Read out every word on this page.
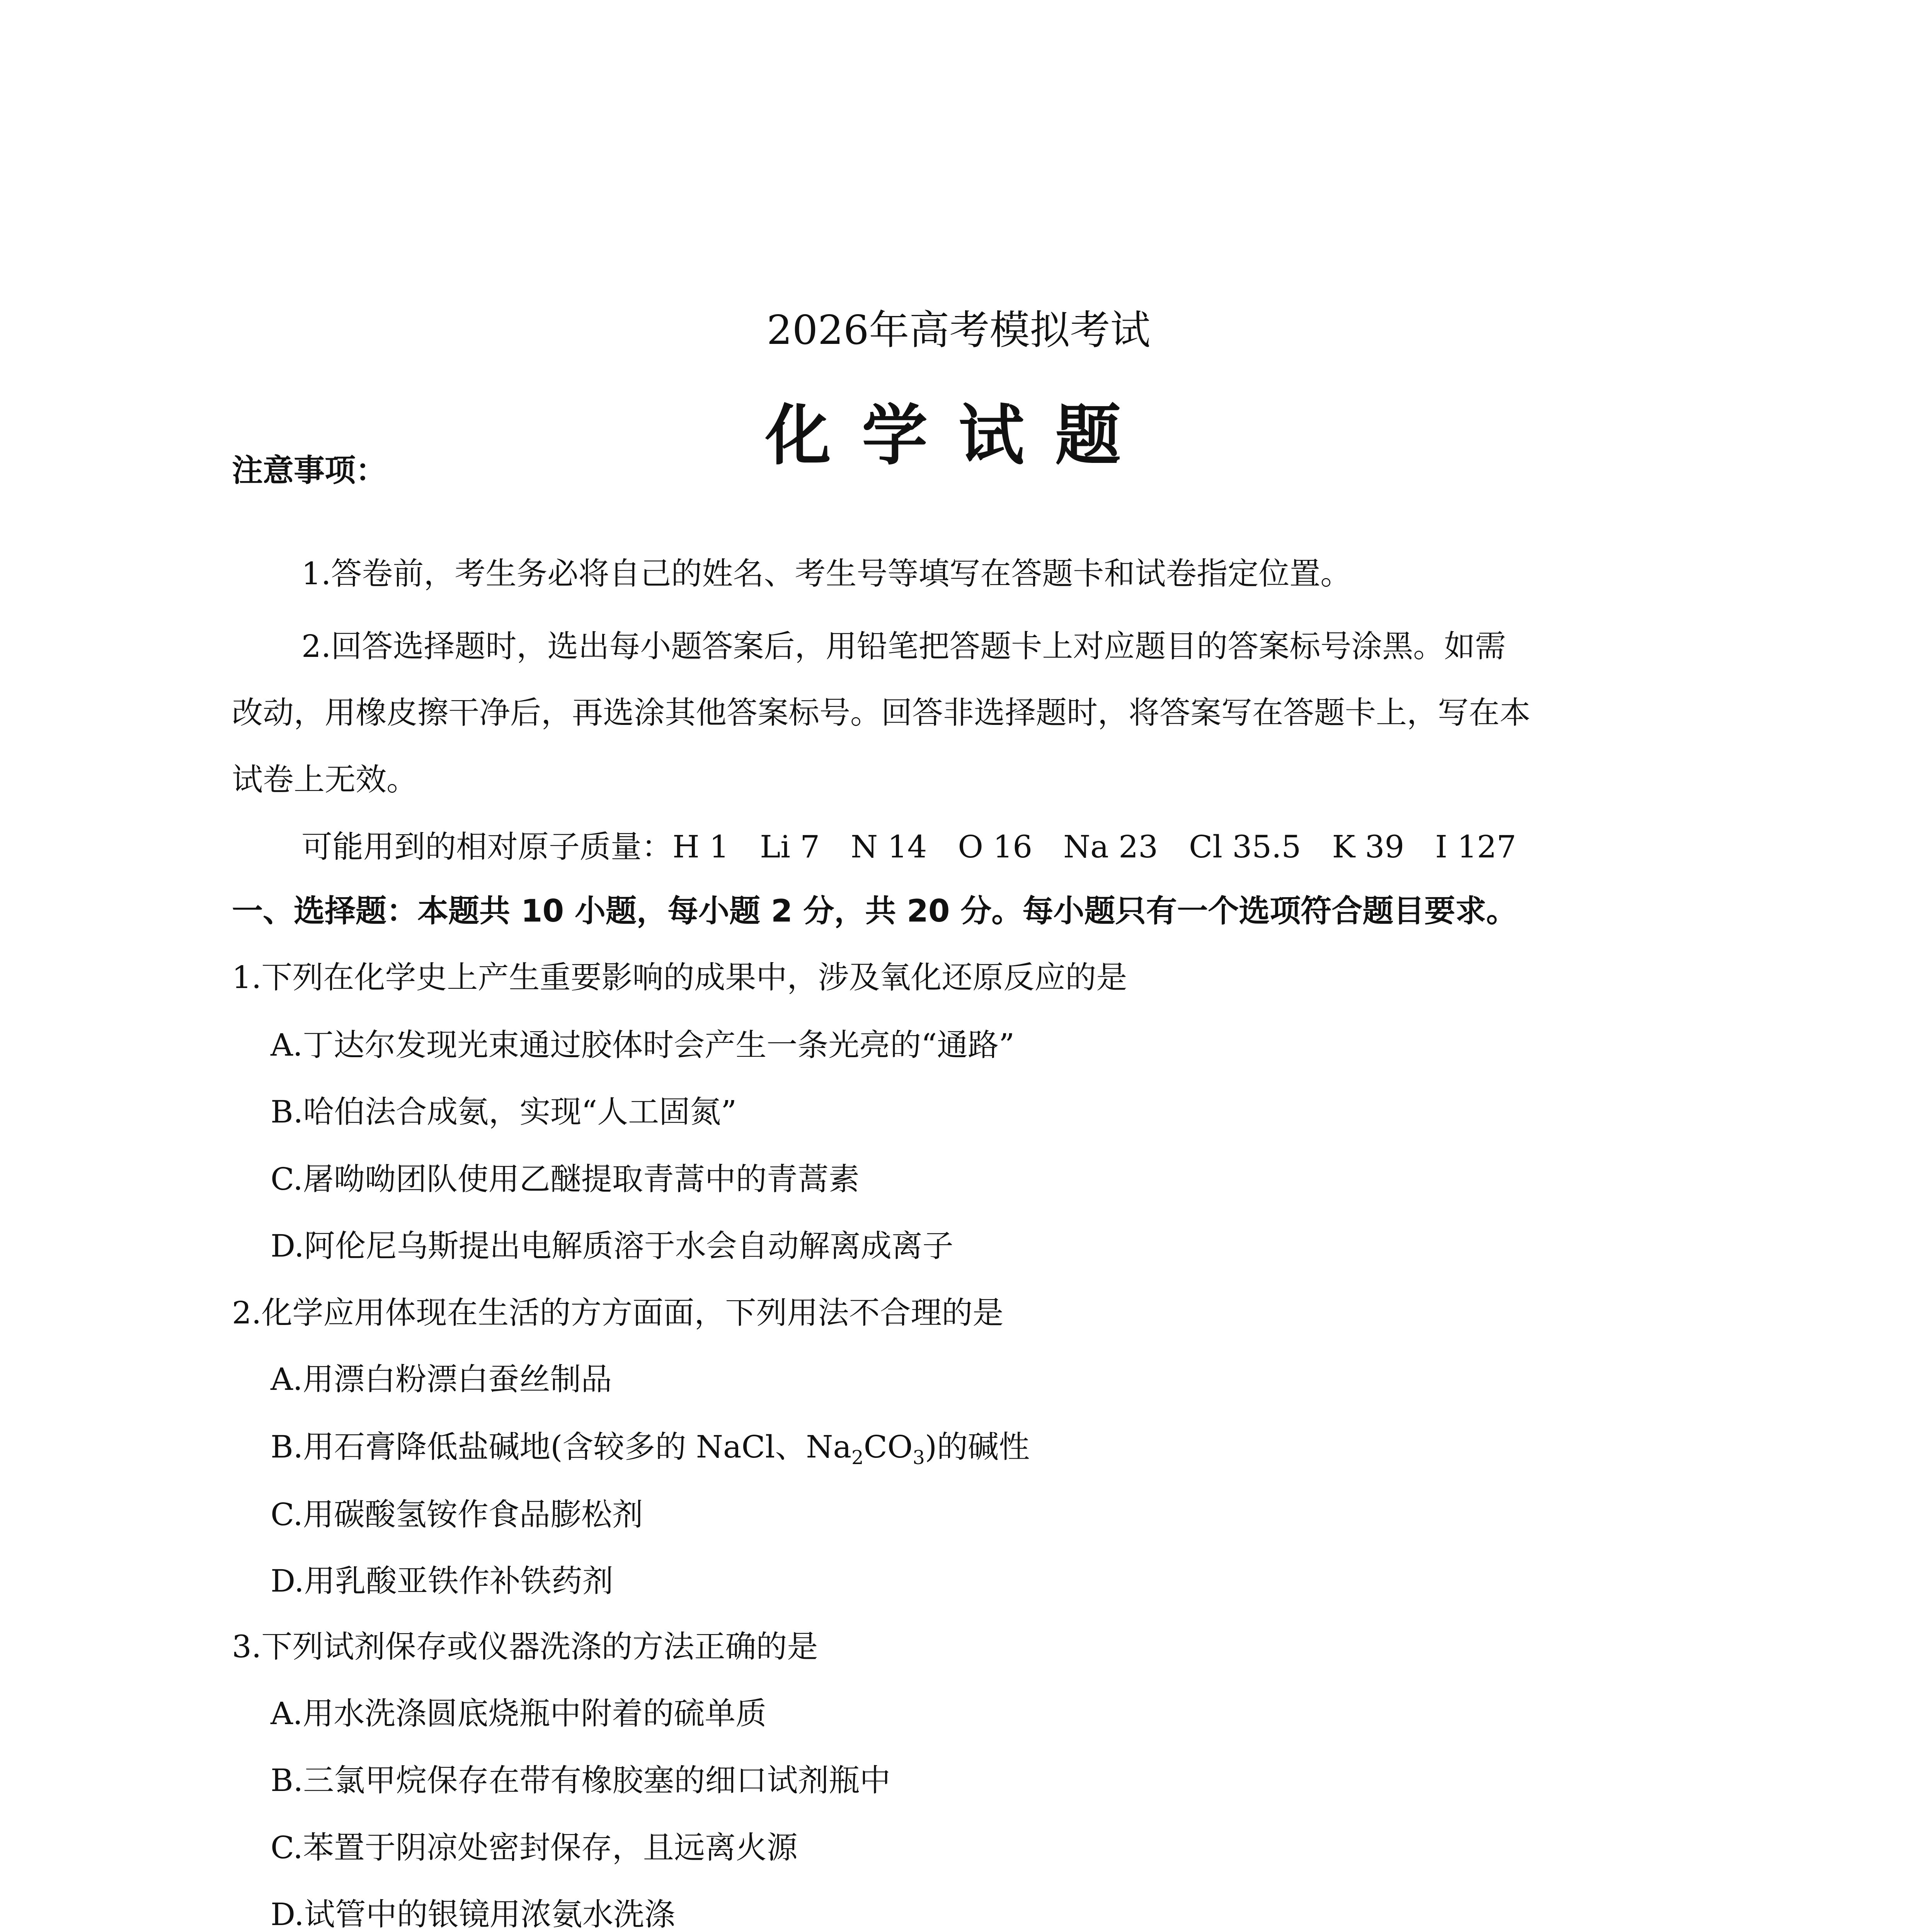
2026年高考模拟考试
化学试题
注意事项：
1.答卷前，考生务必将自己的姓名、考生号等填写在答题卡和试卷指定位置。
2.回答选择题时，选出每小题答案后，用铅笔把答题卡上对应题目的答案标号涂黑。如需
改动，用橡皮擦干净后，再选涂其他答案标号。回答非选择题时，将答案写在答题卡上，写在本
试卷上无效。
可能用到的相对原子质量：H 1　Li 7　N 14　O 16　Na 23　Cl 35.5　K 39　I 127
一、选择题：本题共 10 小题，每小题 2 分，共 20 分。每小题只有一个选项符合题目要求。
1.下列在化学史上产生重要影响的成果中，涉及氧化还原反应的是
A.丁达尔发现光束通过胶体时会产生一条光亮的“通路”
B.哈伯法合成氨，实现“人工固氮”
C.屠呦呦团队使用乙醚提取青蒿中的青蒿素
D.阿伦尼乌斯提出电解质溶于水会自动解离成离子
2.化学应用体现在生活的方方面面，下列用法不合理的是
A.用漂白粉漂白蚕丝制品
B.用石膏降低盐碱地(含较多的 NaCl、$Na_2CO_3$)的碱性
C.用碳酸氢铵作食品膨松剂
D.用乳酸亚铁作补铁药剂
3.下列试剂保存或仪器洗涤的方法正确的是
A.用水洗涤圆底烧瓶中附着的硫单质
B.三氯甲烷保存在带有橡胶塞的细口试剂瓶中
C.苯置于阴凉处密封保存，且远离火源
D.试管中的银镜用浓氨水洗涤
